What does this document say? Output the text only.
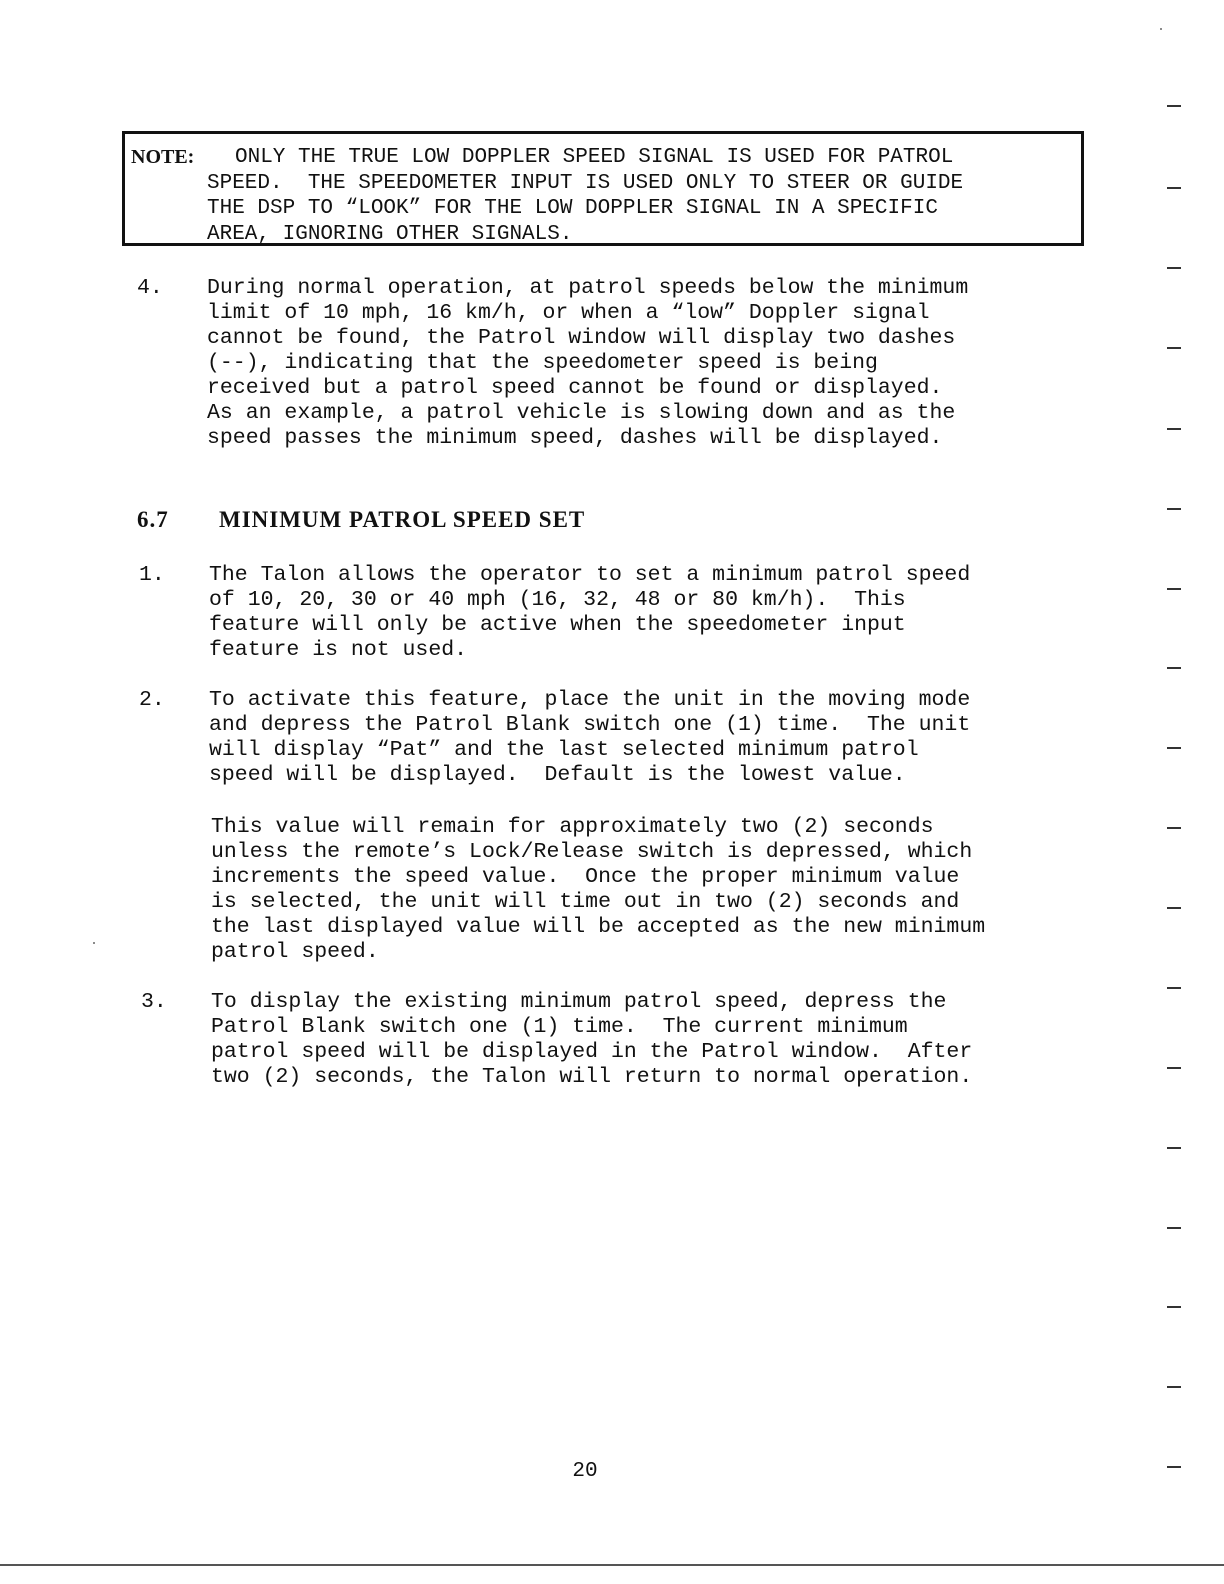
NOTE:	ONLY THE TRUE LOW DOPPLER SPEED SIGNAL IS USED FOR PATROL
SPEED.  THE SPEEDOMETER INPUT IS USED ONLY TO STEER OR GUIDE
THE DSP TO “LOOK” FOR THE LOW DOPPLER SIGNAL IN A SPECIFIC
AREA, IGNORING OTHER SIGNALS.
4. During normal operation, at patrol speeds below the minimum
limit of 10 mph, 16 km/h, or when a “low” Doppler signal
cannot be found, the Patrol window will display two dashes
(--), indicating that the speedometer speed is being
received but a patrol speed cannot be found or displayed.
As an example, a patrol vehicle is slowing down and as the
speed passes the minimum speed, dashes will be displayed.
6.7 MINIMUM PATROL SPEED SET
1. The Talon allows the operator to set a minimum patrol speed
of 10, 20, 30 or 40 mph (16, 32, 48 or 80 km/h).  This
feature will only be active when the speedometer input
feature is not used.
2. To activate this feature, place the unit in the moving mode
and depress the Patrol Blank switch one (1) time.  The unit
will display “Pat” and the last selected minimum patrol
speed will be displayed.  Default is the lowest value.
This value will remain for approximately two (2) seconds
unless the remote’s Lock/Release switch is depressed, which
increments the speed value.  Once the proper minimum value
is selected, the unit will time out in two (2) seconds and
the last displayed value will be accepted as the new minimum
patrol speed.
3. To display the existing minimum patrol speed, depress the
Patrol Blank switch one (1) time.  The current minimum
patrol speed will be displayed in the Patrol window.  After
two (2) seconds, the Talon will return to normal operation.
20
